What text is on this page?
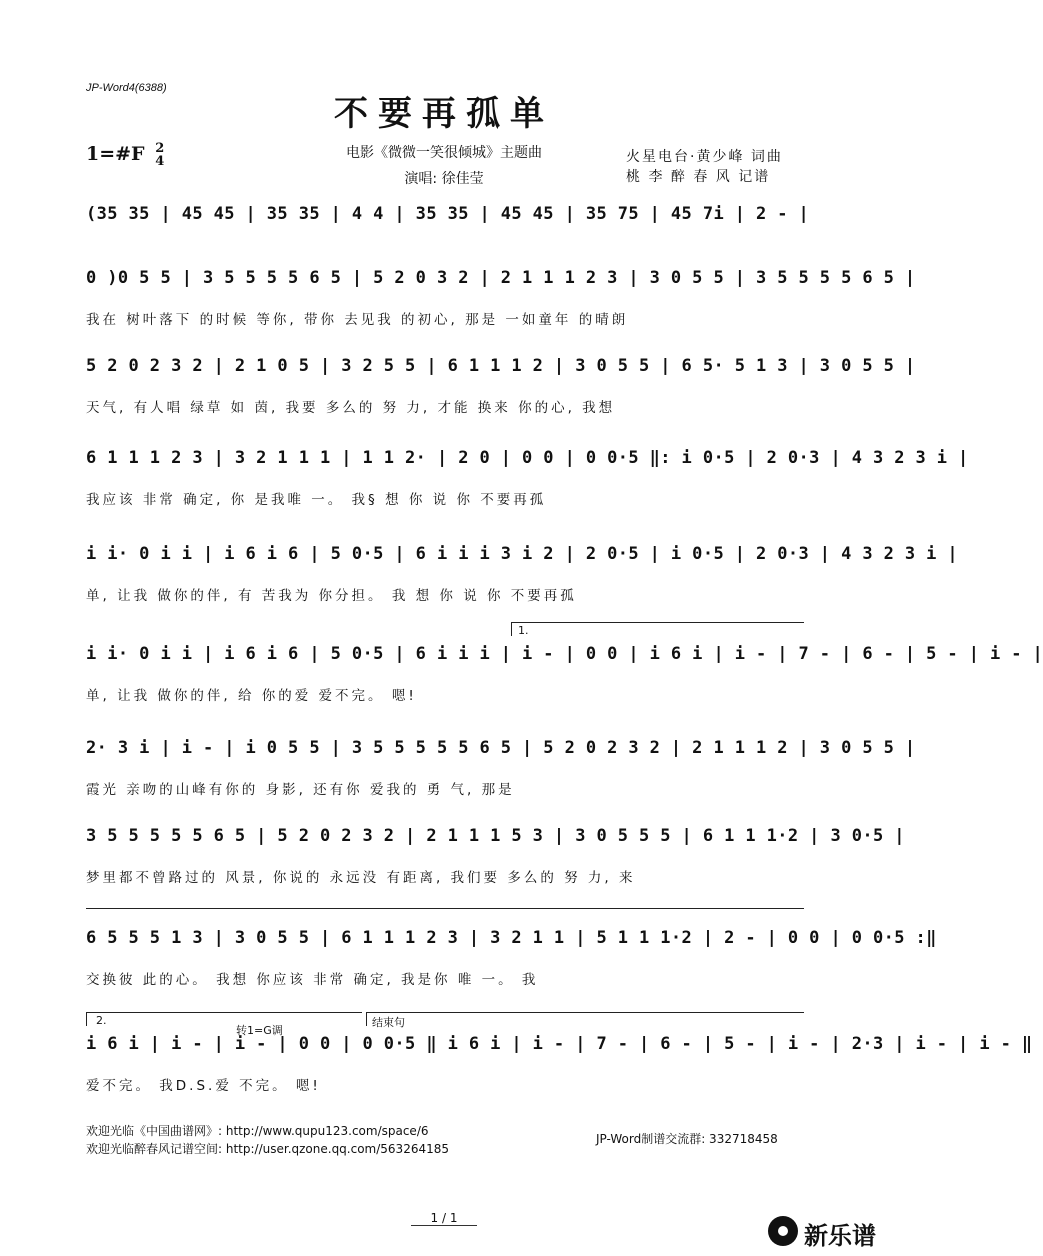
JP-Word4(6388)
不要再孤单
1=#F 2
4
电影《微微一笑很倾城》主题曲
演唱: 徐佳莹
火星电台·黄少峰 词曲
桃 李 醉 春 风 记谱
(35 35 | 45 45 | 35 35 | 4 4 | 35 35 | 45 45 | 35 75 | 45 7i | 2 - |
0 )0 5 5 | 3 5 5 5 5 6 5 | 5 2 0 3 2 | 2 1 1 1 2 3 | 3 0 5 5 | 3 5 5 5 5 6 5 |
我在 树叶落下 的时候 等你, 带你 去见我 的初心, 那是 一如童年 的晴朗
5 2 0 2 3 2 | 2 1 0 5 | 3 2 5 5 | 6 1 1 1 2 | 3 0 5 5 | 6 5· 5 1 3 | 3 0 5 5 |
天气, 有人唱 绿草 如 茵, 我要 多么的 努 力, 才能 换来 你的心, 我想
6 1 1 1 2 3 | 3 2 1 1 1 | 1 1 2· | 2 0 | 0 0 | 0 0·5 ‖: i 0·5 | 2 0·3 | 4 3 2 3 i |
我应该 非常 确定, 你 是我唯 一。 我§ 想 你 说 你 不要再孤
i i· 0 i i | i 6 i 6 | 5 0·5 | 6 i i i 3 i 2 | 2 0·5 | i 0·5 | 2 0·3 | 4 3 2 3 i |
单, 让我 做你的伴, 有 苦我为 你分担。 我 想 你 说 你 不要再孤
1.
i i· 0 i i | i 6 i 6 | 5 0·5 | 6 i i i | i - | 0 0 | i 6 i | i - | 7 - | 6 - | 5 - | i - |
单, 让我 做你的伴, 给 你的爱 爱不完。 嗯!
2· 3 i | i - | i 0 5 5 | 3 5 5 5 5 5 6 5 | 5 2 0 2 3 2 | 2 1 1 1 2 | 3 0 5 5 |
霞光 亲吻的山峰有你的 身影, 还有你 爱我的 勇 气, 那是
3 5 5 5 5 5 6 5 | 5 2 0 2 3 2 | 2 1 1 1 5 3 | 3 0 5 5 5 | 6 1 1 1·2 | 3 0·5 |
梦里都不曾路过的 风景, 你说的 永远没 有距离, 我们要 多么的 努 力, 来
6 5 5 5 1 3 | 3 0 5 5 | 6 1 1 1 2 3 | 3 2 1 1 | 5 1 1 1·2 | 2 - | 0 0 | 0 0·5 :‖
交换彼 此的心。 我想 你应该 非常 确定, 我是你 唯 一。 我
2.
转1=G调
结束句
i 6 i | i - | i - | 0 0 | 0 0·5 ‖ i 6 i | i - | 7 - | 6 - | 5 - | i - | 2·3 | i - | i - ‖
爱不完。 我D.S.爱 不完。 嗯!
欢迎光临《中国曲谱网》: http://www.qupu123.com/space/6
欢迎光临醉春风记谱空间: http://user.qzone.qq.com/563264185
JP-Word制谱交流群: 332718458
1 / 1
新乐谱
